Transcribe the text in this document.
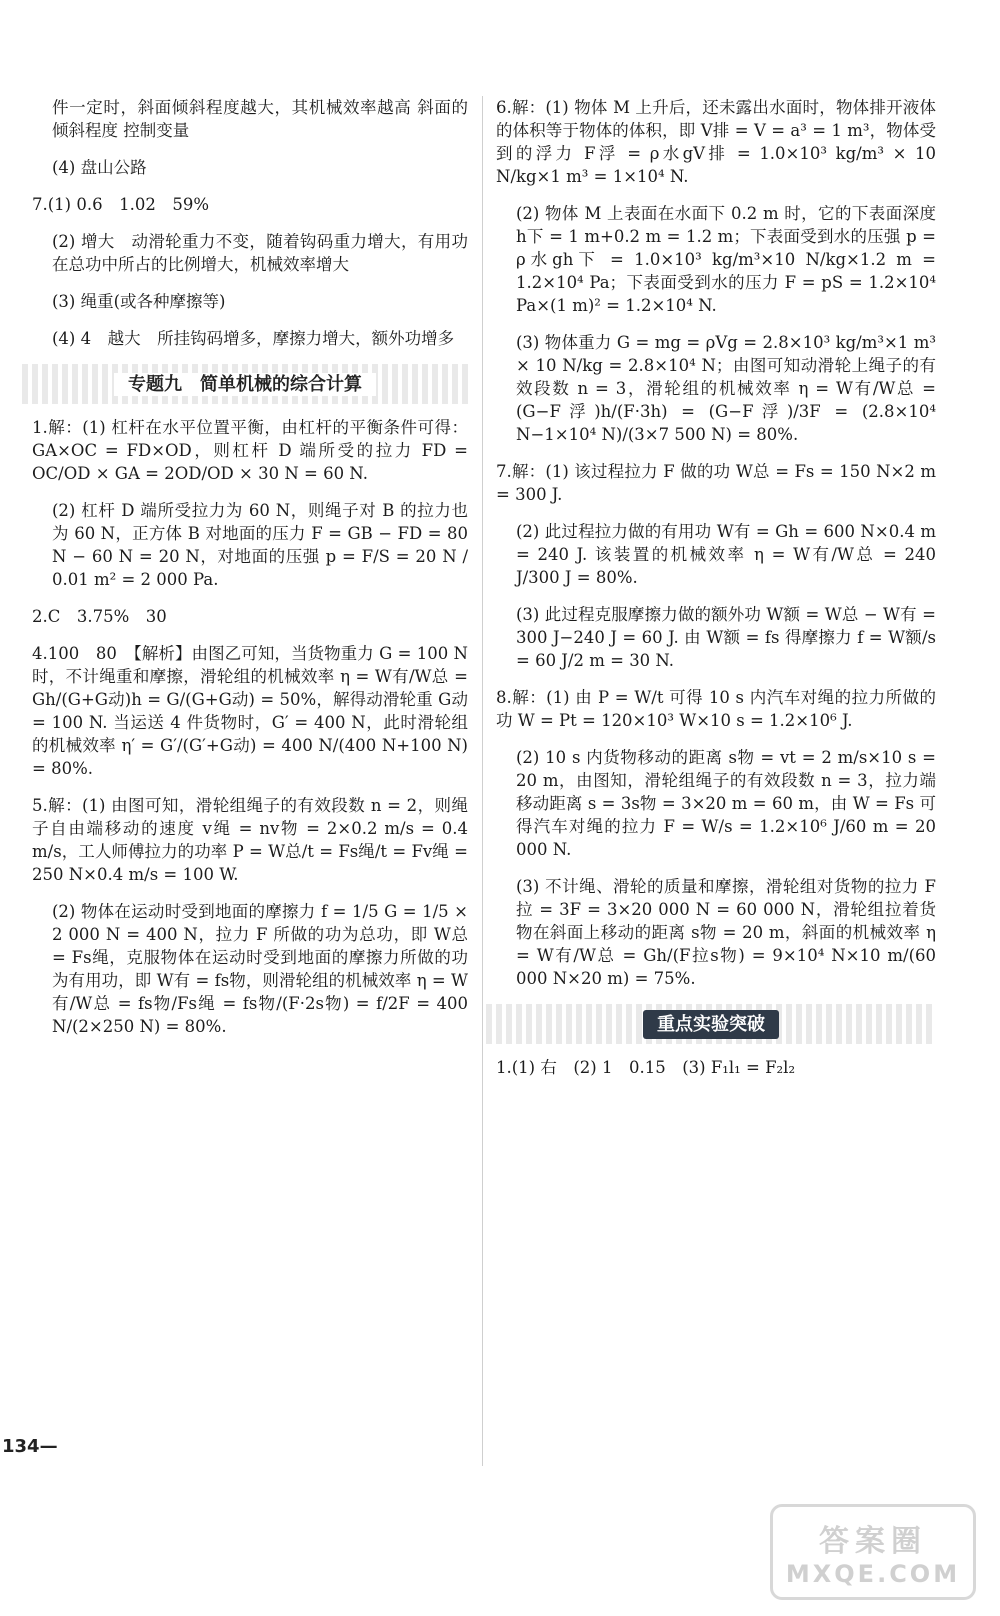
件一定时，斜面倾斜程度越大，其机械效率越高 斜面的倾斜程度 控制变量

(4) 盘山公路

7.(1) 0.6　1.02　59%

(2) 增大　动滑轮重力不变，随着钩码重力增大，有用功在总功中所占的比例增大，机械效率增大

(3) 绳重(或各种摩擦等)

(4) 4　越大　所挂钩码增多，摩擦力增大，额外功增多

专题九　简单机械的综合计算

1.解：(1) 杠杆在水平位置平衡，由杠杆的平衡条件可得：GA×OC = FD×OD，则杠杆 D 端所受的拉力 FD = OC/OD × GA = 2OD/OD × 30 N = 60 N.

(2) 杠杆 D 端所受拉力为 60 N，则绳子对 B 的拉力也为 60 N，正方体 B 对地面的压力 F = GB − FD = 80 N − 60 N = 20 N，对地面的压强 p = F/S = 20 N / 0.01 m² = 2 000 Pa.

2.C　3.75%　30

4.100　80　【解析】由图乙可知，当货物重力 G = 100 N 时，不计绳重和摩擦，滑轮组的机械效率 η = W有/W总 = Gh/(G+G动)h = G/(G+G动) = 50%，解得动滑轮重 G动 = 100 N. 当运送 4 件货物时，G′ = 400 N，此时滑轮组的机械效率 η′ = G′/(G′+G动) = 400 N/(400 N+100 N) = 80%.

5.解：(1) 由图可知，滑轮组绳子的有效段数 n = 2，则绳子自由端移动的速度 v绳 = nv物 = 2×0.2 m/s = 0.4 m/s，工人师傅拉力的功率 P = W总/t = Fs绳/t = Fv绳 = 250 N×0.4 m/s = 100 W.

(2) 物体在运动时受到地面的摩擦力 f = 1/5 G = 1/5 × 2 000 N = 400 N，拉力 F 所做的功为总功，即 W总 = Fs绳，克服物体在运动时受到地面的摩擦力所做的功为有用功，即 W有 = fs物，则滑轮组的机械效率 η = W有/W总 = fs物/Fs绳 = fs物/(F·2s物) = f/2F = 400 N/(2×250 N) = 80%.

6.解：(1) 物体 M 上升后，还未露出水面时，物体排开液体的体积等于物体的体积，即 V排 = V = a³ = 1 m³，物体受到的浮力 F浮 = ρ水gV排 = 1.0×10³ kg/m³ × 10 N/kg×1 m³ = 1×10⁴ N.

(2) 物体 M 上表面在水面下 0.2 m 时，它的下表面深度 h下 = 1 m+0.2 m = 1.2 m；下表面受到水的压强 p = ρ水gh下 = 1.0×10³ kg/m³×10 N/kg×1.2 m = 1.2×10⁴ Pa；下表面受到水的压力 F = pS = 1.2×10⁴ Pa×(1 m)² = 1.2×10⁴ N.

(3) 物体重力 G = mg = ρVg = 2.8×10³ kg/m³×1 m³ × 10 N/kg = 2.8×10⁴ N；由图可知动滑轮上绳子的有效段数 n = 3，滑轮组的机械效率 η = W有/W总 = (G−F浮)h/(F·3h) = (G−F浮)/3F = (2.8×10⁴ N−1×10⁴ N)/(3×7 500 N) = 80%.

7.解：(1) 该过程拉力 F 做的功 W总 = Fs = 150 N×2 m = 300 J.

(2) 此过程拉力做的有用功 W有 = Gh = 600 N×0.4 m = 240 J. 该装置的机械效率 η = W有/W总 = 240 J/300 J = 80%.

(3) 此过程克服摩擦力做的额外功 W额 = W总 − W有 = 300 J−240 J = 60 J. 由 W额 = fs 得摩擦力 f = W额/s = 60 J/2 m = 30 N.

8.解：(1) 由 P = W/t 可得 10 s 内汽车对绳的拉力所做的功 W = Pt = 120×10³ W×10 s = 1.2×10⁶ J.

(2) 10 s 内货物移动的距离 s物 = vt = 2 m/s×10 s = 20 m，由图知，滑轮组绳子的有效段数 n = 3，拉力端移动距离 s = 3s物 = 3×20 m = 60 m，由 W = Fs 可得汽车对绳的拉力 F = W/s = 1.2×10⁶ J/60 m = 20 000 N.

(3) 不计绳、滑轮的质量和摩擦，滑轮组对货物的拉力 F拉 = 3F = 3×20 000 N = 60 000 N，滑轮组拉着货物在斜面上移动的距离 s物 = 20 m，斜面的机械效率 η = W有/W总 = Gh/(F拉s物) = 9×10⁴ N×10 m/(60 000 N×20 m) = 75%.

重点实验突破

1.(1) 右　(2) 1　0.15　(3) F₁l₁ = F₂l₂

134—
答案圈
MXQE.COM
